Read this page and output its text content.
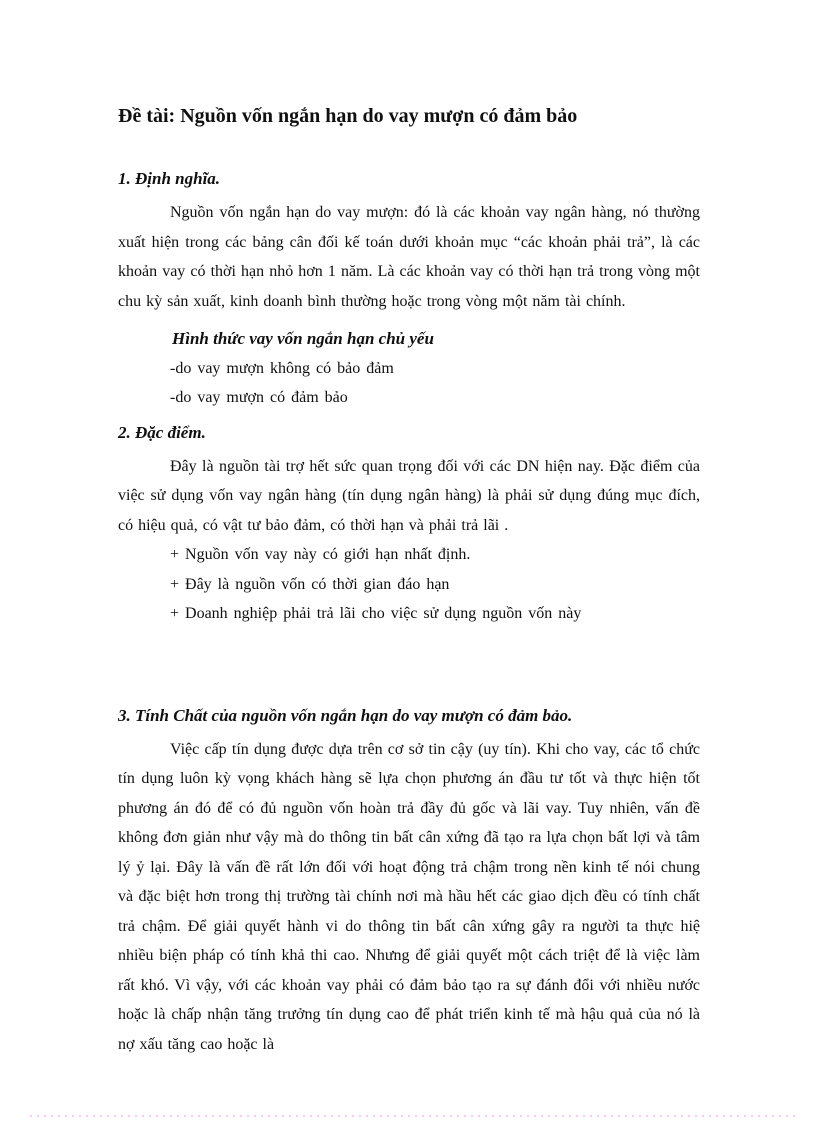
Đề tài: Nguồn vốn ngắn hạn do vay mượn có đảm bảo
1. Định nghĩa.

Nguồn vốn ngắn hạn do vay mượn: đó là các khoản vay ngân hàng, nó thường xuất hiện trong các bảng cân đối kế toán dưới khoản mục “các khoản phải trả”, là các khoản vay có thời hạn nhỏ hơn 1 năm. Là các khoản vay có thời hạn trả trong vòng một chu kỳ sản xuất, kinh doanh bình thường hoặc trong vòng một năm tài chính.

Hình thức vay vốn ngắn hạn chủ yếu

-do vay mượn không có bảo đảm

-do vay mượn có đảm bảo

2. Đặc điểm.

Đây là nguồn tài trợ hết sức quan trọng đối với các DN hiện nay. Đặc điểm của việc sử dụng vốn vay ngân hàng (tín dụng ngân hàng) là phải sử dụng đúng mục đích, có hiệu quả, có vật tư bảo đảm, có thời hạn và phải trả lãi .

+ Nguồn vốn vay này có giới hạn nhất định.

+ Đây là nguồn vốn có thời gian đáo hạn

+ Doanh nghiệp phải trả lãi cho việc sử dụng nguồn vốn này

3. Tính Chất của nguồn vốn ngắn hạn do vay mượn có đảm bảo.

Việc cấp tín dụng được dựa trên cơ sở tin cậy (uy tín). Khi cho vay, các tổ chức tín dụng luôn kỳ vọng khách hàng sẽ lựa chọn phương án đầu tư tốt và thực hiện tốt phương án đó để có đủ nguồn vốn hoàn trả đầy đủ gốc và lãi vay. Tuy nhiên, vấn đề không đơn giản như vậy mà do thông tin bất cân xứng đã tạo ra lựa chọn bất lợi và tâm lý ỷ lại. Đây là vấn đề rất lớn đối với hoạt động trả chậm trong nền kinh tế nói chung và đặc biệt hơn trong thị trường tài chính nơi mà hầu hết các giao dịch đều có tính chất trả chậm. Để giải quyết hành vi do thông tin bất cân xứng gây ra người ta thực hiệ nhiều biện pháp có tính khả thi cao. Nhưng để giải quyết một cách triệt để là việc làm rất khó. Vì vậy, với các khoản vay phải có đảm bảo tạo ra sự đánh đổi với nhiều nước hoặc là chấp nhận tăng trưởng tín dụng cao để phát triển kinh tế mà hậu quả của nó là nợ xấu tăng cao hoặc là
